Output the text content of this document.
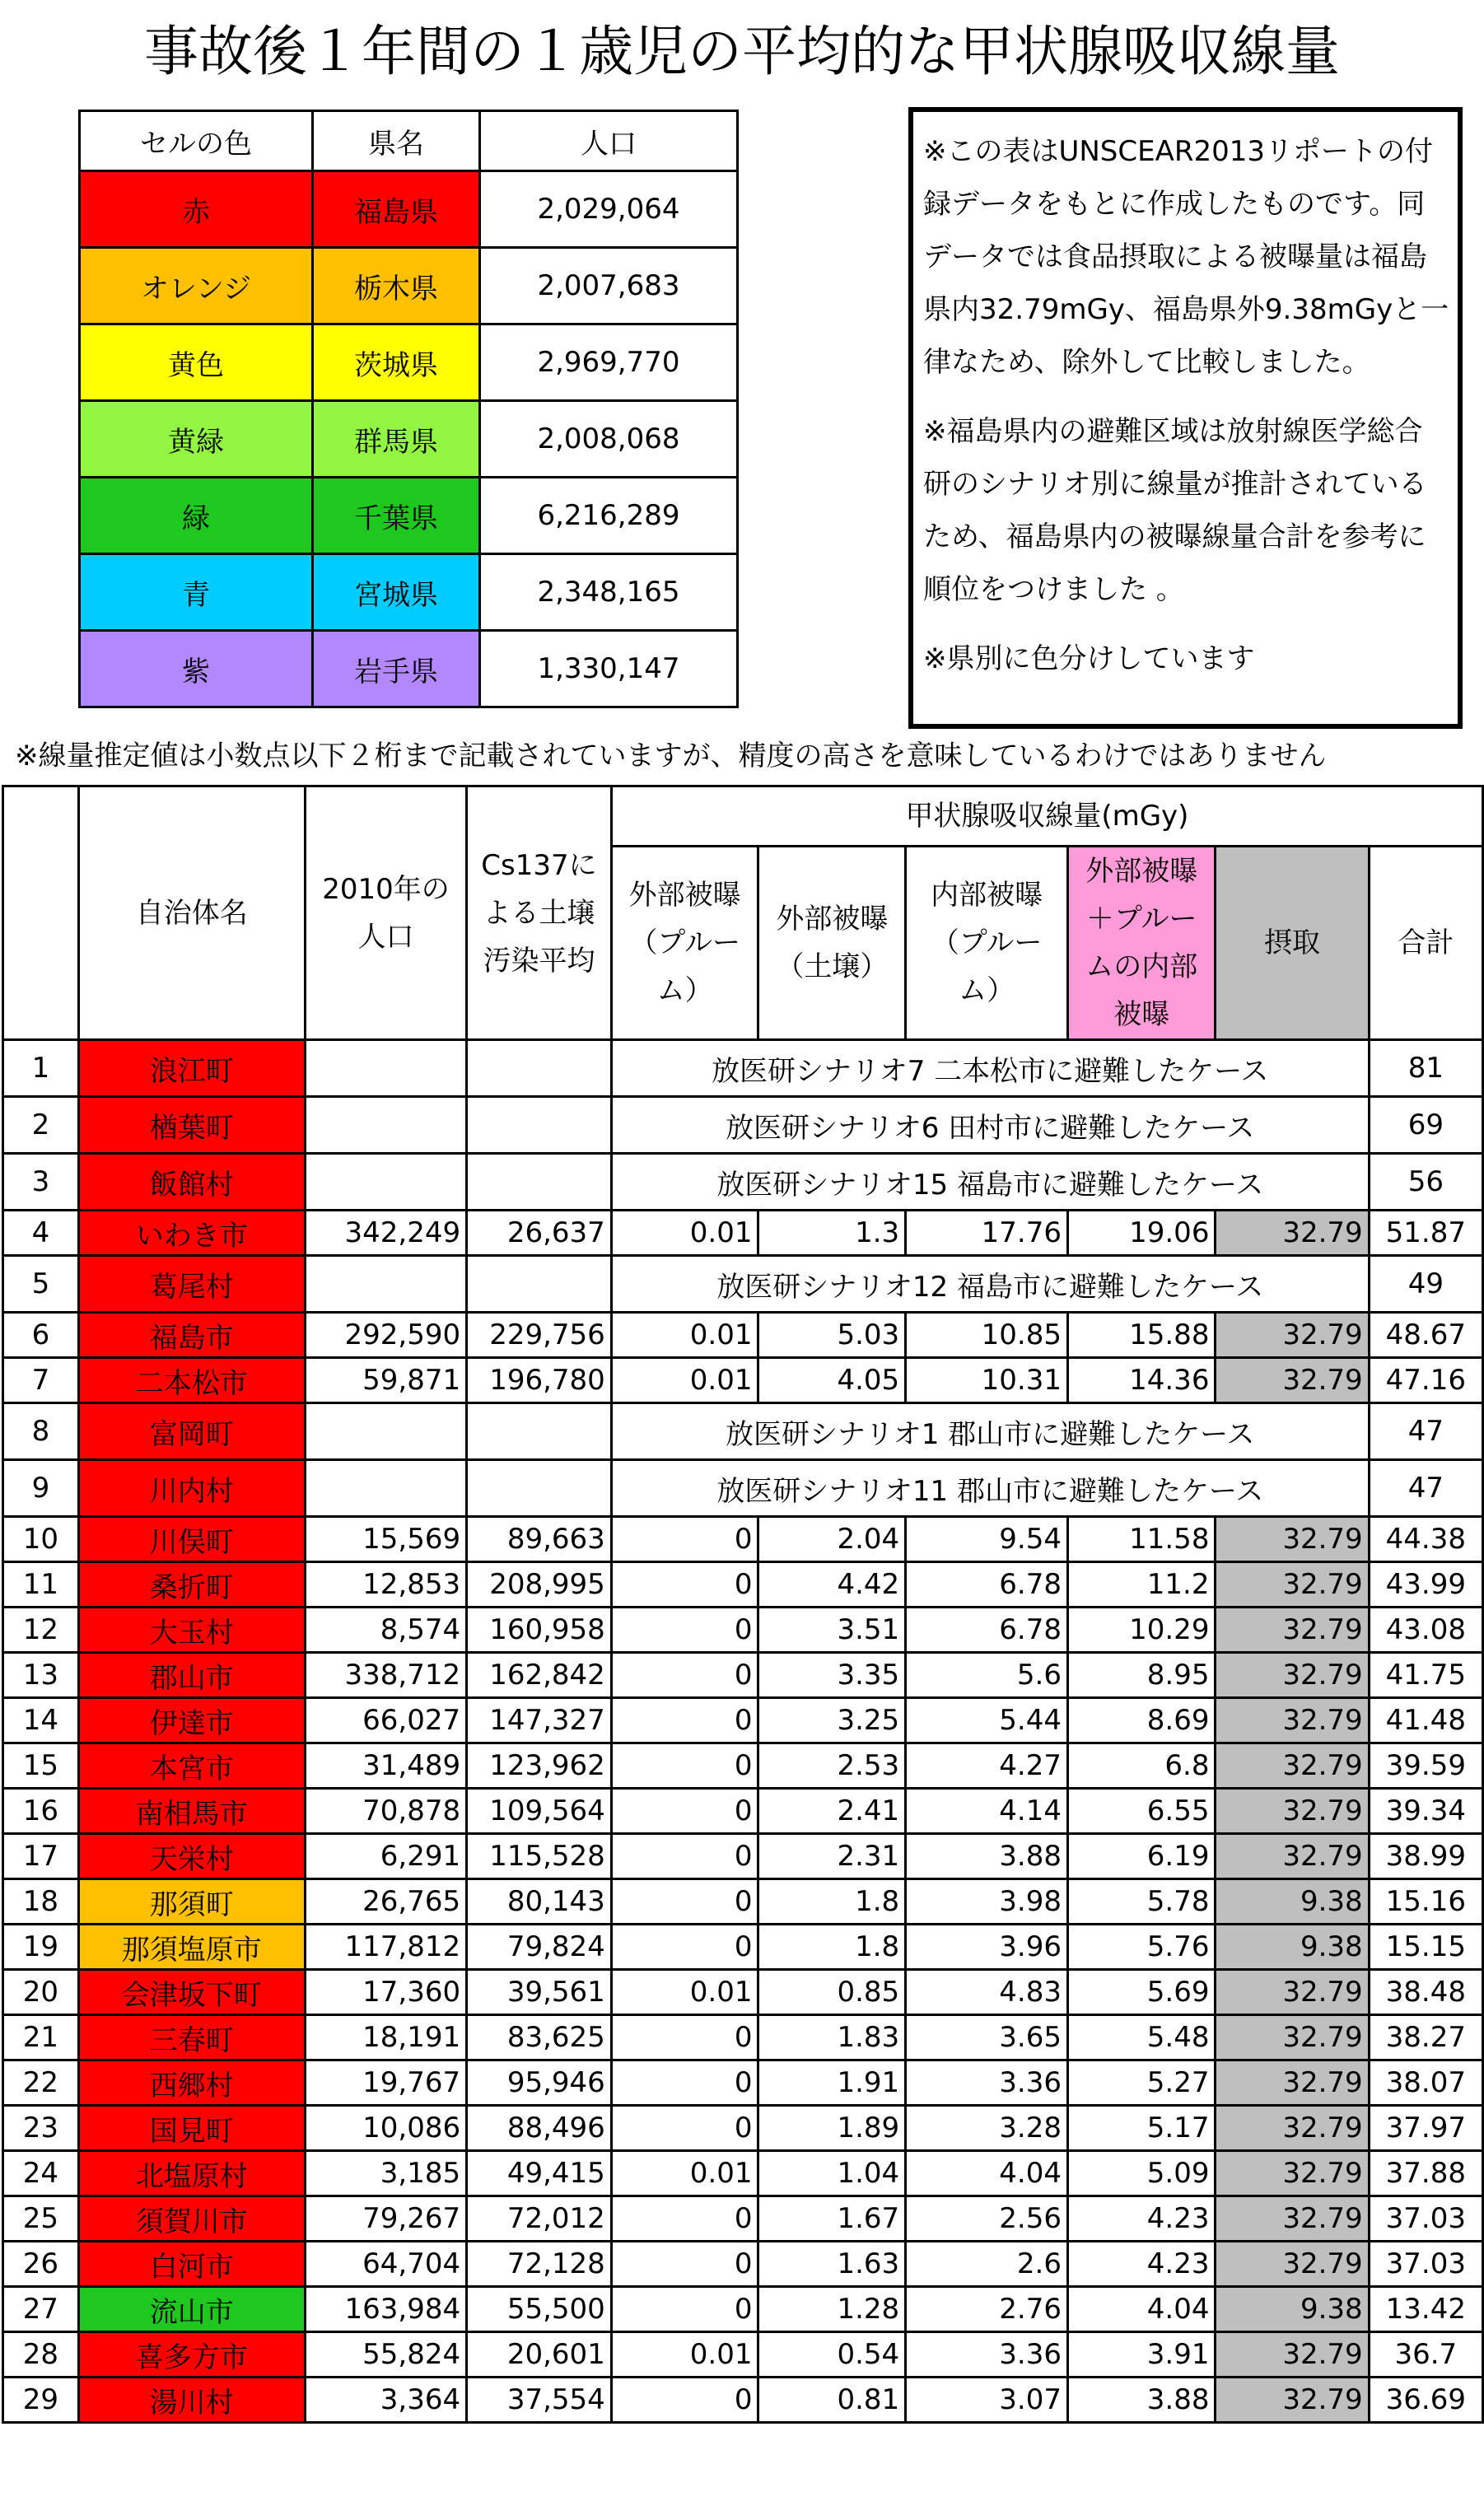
事故後１年間の１歳児の平均的な甲状腺吸収線量
セルの色	県名	人口
赤	福島県	2,029,064
オレンジ	栃木県	2,007,683
黄色	茨城県	2,969,770
黄緑	群馬県	2,008,068
緑	千葉県	6,216,289
青	宮城県	2,348,165
紫	岩手県	1,330,147

※この表はUNSCEAR2013リポートの付録データをもとに作成したものです。同データでは食品摂取による被曝量は福島県内32.79mGy、福島県外9.38mGyと一律なため、除外して比較しました。

※福島県内の避難区域は放射線医学総合研のシナリオ別に線量が推計されているため、福島県内の被曝線量合計を参考に順位をつけました 。

※県別に色分けしています

※線量推定値は小数点以下２桁まで記載されていますが、精度の高さを意味しているわけではありません
	自治体名	2010年の人口	Cs137による土壌汚染平均	甲状腺吸収線量(mGy)					
				外部被曝（プルーム）	外部被曝（土壌）	内部被曝（プルーム）	外部被曝＋プルームの内部被曝	摂取	合計
1	浪江町			放医研シナリオ7 二本松市に避難したケース					81
2	楢葉町			放医研シナリオ6 田村市に避難したケース					69
3	飯館村			放医研シナリオ15 福島市に避難したケース					56
4	いわき市	342,249	26,637	0.01	1.3	17.76	19.06	32.79	51.87
5	葛尾村			放医研シナリオ12 福島市に避難したケース					49
6	福島市	292,590	229,756	0.01	5.03	10.85	15.88	32.79	48.67
7	二本松市	59,871	196,780	0.01	4.05	10.31	14.36	32.79	47.16
8	富岡町			放医研シナリオ1 郡山市に避難したケース					47
9	川内村			放医研シナリオ11 郡山市に避難したケース					47
10	川俣町	15,569	89,663	0	2.04	9.54	11.58	32.79	44.38
11	桑折町	12,853	208,995	0	4.42	6.78	11.2	32.79	43.99
12	大玉村	8,574	160,958	0	3.51	6.78	10.29	32.79	43.08
13	郡山市	338,712	162,842	0	3.35	5.6	8.95	32.79	41.75
14	伊達市	66,027	147,327	0	3.25	5.44	8.69	32.79	41.48
15	本宮市	31,489	123,962	0	2.53	4.27	6.8	32.79	39.59
16	南相馬市	70,878	109,564	0	2.41	4.14	6.55	32.79	39.34
17	天栄村	6,291	115,528	0	2.31	3.88	6.19	32.79	38.99
18	那須町	26,765	80,143	0	1.8	3.98	5.78	9.38	15.16
19	那須塩原市	117,812	79,824	0	1.8	3.96	5.76	9.38	15.15
20	会津坂下町	17,360	39,561	0.01	0.85	4.83	5.69	32.79	38.48
21	三春町	18,191	83,625	0	1.83	3.65	5.48	32.79	38.27
22	西郷村	19,767	95,946	0	1.91	3.36	5.27	32.79	38.07
23	国見町	10,086	88,496	0	1.89	3.28	5.17	32.79	37.97
24	北塩原村	3,185	49,415	0.01	1.04	4.04	5.09	32.79	37.88
25	須賀川市	79,267	72,012	0	1.67	2.56	4.23	32.79	37.03
26	白河市	64,704	72,128	0	1.63	2.6	4.23	32.79	37.03
27	流山市	163,984	55,500	0	1.28	2.76	4.04	9.38	13.42
28	喜多方市	55,824	20,601	0.01	0.54	3.36	3.91	32.79	36.7
29	湯川村	3,364	37,554	0	0.81	3.07	3.88	32.79	36.69
